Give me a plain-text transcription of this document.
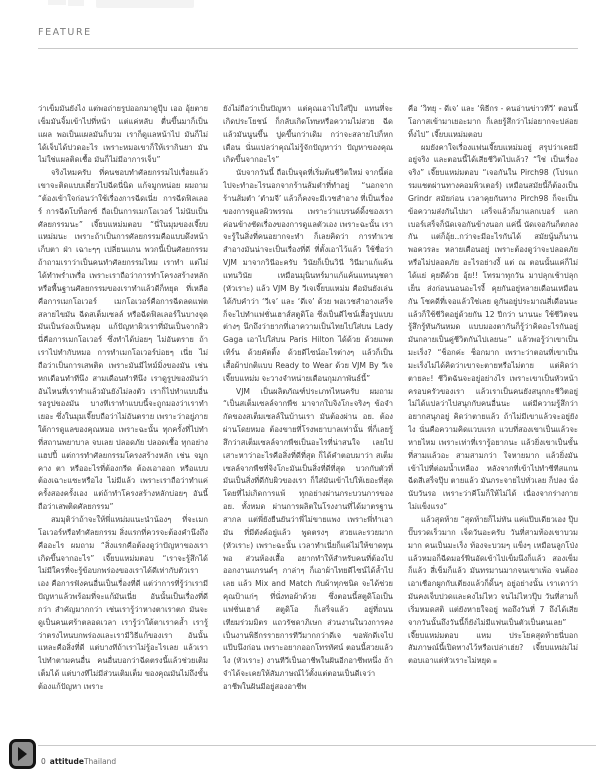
FEATURE

ว่าเข็มมันยังไง แต่พอถ่ายรูปออกมาดูปุ๊บ เออ อุ้ยตาย เข็มมันจิ้มเข้าไปที่หน้า แต่แค่หลับ ตื่นขึ้นมาก็เป็นแผล พอเป็นแผลมันก็บวม เราก็ดูแลหน้าไป มันก็ไม่ได้เจ็บได้ปวดอะไร เพราะหมอเขาก็ให้เรากินยา มันไม่ใช่แผลติดเชื้อ มันก็ไม่มีอาการเจ็บ”

จริงไหมครับ ที่คนชอบทำศัลยกรรมไปเรื่อยแล้วเขาจะติดแบบเดี๋ยวไปฉีดนี่นิด แก้จมูกหน่อย ผมถาม “ต้องเข้าใจก่อนว่าใช้เรื่องการฉีดเนี่ย การฉีดฟิลเลอร์ การฉีดโบท็อกซ์ ถือเป็นการเมกโอเวอร์ ไม่นับเป็นศัลยกรรมนะ” เจี๊ยบแหม่มตอบ “นี่ในมุมของเจี๊ยบแหม่มนะ เพราะถ้าเป็นการศัลยกรรมคือแบบดึงหน้า เก็บตา ฝ่า เฉาะๆๆ เปลี่ยนแกน พวกนี้เป็นศัลยกรรม ถ้าถามเราว่าเป็นคนทำศัลยกรรมไหม เราทำ แต่ไม่ได้ทำพร่ำเพรื่อ เพราะเราถือว่าการทำโครงสร้างหลักหรือพื้นฐานศัลยกรรมของเราทำแล้วดีก็หยุด ที่เหลือคือการเมกโอเวอร์ เมกโอเวอร์คือการฉีดลดแฟต สลายไขมัน ฉีดสเต็มเซลล์ หรือฉีดฟิลเลอร์ในบางจุด มันเป็นร่องเป็นหลุม แก้ปัญหาผิวเราที่มันเป็นจากสิว นี่คือการเมกโอเวอร์ ซึ่งทำได้บ่อยๆ ไม่อันตราย ถ้าเราไปทำกับหมอ การทำเมกโอเวอร์บ่อยๆ เนี่ย ไม่ถือว่าเป็นการเสพติด เพราะมันมีไทม์มิ่งของมัน เช่น หกเดือนทำทีนึง สามเดือนทำทีนึง เราดูรูปของมันว่าอันไหนที่เราทำแล้วมันยังไม่ลงตัว เราก็ไปทำแบบอื่น รอรูปของมัน บางทีเราทำแบบนี้จะถูกมองว่าเราทำเยอะ ซึ่งในมุมเจี๊ยบถือว่าไม่อันตราย เพราะว่าอยู่ภายใต้การดูแลของคุณหมอ เพราะฉะนั้น ทุกครั้งที่ไปทำที่สถานพยาบาล จบเลย ปลอดภัย ปลอดเชื้อ ทุกอย่างแฮปปี้ แต่การทำศัลยกรรมโครงสร้างหลัก เช่น จมูก คาง ตา หรืออะไรที่ต้องกรีด ต้องเอาออก หรือแบบต้องเฉาะแซะหรือไง ไม่มีแล้ว เพราะเราถือว่าทำแค่ครั้งสองครั้งเอง แต่ถ้าทำโครงสร้างหลักบ่อยๆ อันนี้ถือว่าเสพติดศัลยกรรม”

สมมุติว่าถ้าจะให้พี่แหม่มแนะนำน้องๆ ที่จะเมกโอเวอร์หรือทำศัลยกรรม สิ่งแรกที่ควรจะต้องคำนึงถึงคืออะไร ผมถาม “สิ่งแรกคือต้องดูว่าปัญหาของเราเกิดขึ้นจากอะไร” เจี๊ยบแหม่มตอบ “เราจะรู้สึกได้ ไม่มีใครที่จะรู้ข้อบกพร่องของเราได้ดีเท่ากับตัวเราเอง คือการฟังคนอื่นเป็นเรื่องที่ดี แต่ว่าการที่รู้ว่าเรามีปัญหาแล้วพร้อมที่จะแก้มันเนี่ย อันนั้นเป็นเรื่องที่ดีกว่า สำคัญมากกว่า เช่นเรารู้ว่าหางตาเราตก มันจะดูเป็นคนเศร้าตลอดเวลา เรารู้ว่าใต้ตาเราคล้ำ เรารู้ว่าตรงไหนบกพร่องและเรามีวิธีแก้ของเรา อันนั้นแหละคือสิ่งที่ดี แต่บางทีถ้าเราไม่รู้อะไรเลย แล้วเราไปทำตามคนอื่น คนอื่นบอกว่าฉีดตรงนี้แล้วช่วยเติมเต็มได้ แต่บางทีไม่มีส่วนเติมเต็ม ของคุณมันไม่ถึงขั้นต้องแก้ปัญหา เพราะ

ยังไม่ถือว่าเป็นปัญหา แต่คุณเอาไปใส่ปุ๊บ แทนที่จะเกิดประโยชน์ ก็กลับเกิดโทษหรือความไม่สวย ฉีดแล้วมันนูนขึ้น ปูดขึ้นกว่าเดิม กว่าจะสลายไปก็หกเดือน นั่นแปลว่าคุณไม่รู้จักปัญหาว่า ปัญหาของคุณเกิดขึ้นจากอะไร”

นับจากวันนี้ ถือเป็นจุดที่เริ่มต้นชีวิตใหม่ จากนี้ต่อไปจะทำอะไรนอกจากร้านส้มตำที่ทำอยู่ “นอกจากร้านส้มตำ ‘ตำมจี’ แล้วก็คงจะมีเวชสำอาง ที่เป็นเรื่องของการดูแลผิวพรรณ เพราะว่าแบรนด์ดิ้งของเราค่อนข้างชัดเรื่องของการดูแลตัวเอง เพราะฉะนั้น เราจะรู้ในสิ่งที่คนอยากจะทำ ก็เลยคิดว่า การทำเวชสำอางมันน่าจะเป็นเรื่องที่ดี ที่ตั้งเอาไว้แล้ว ใช้ชื่อว่า VJM มาจากวินีอะครับ วินัยก็เป็นวินี วินีมาแก้แค้นแทนวินัย เหมือนมุนินทร์มาแก้แค้นแทนนุชดา (หัวเราะ) แล้ว VJM By วีเจเจี๊ยบแหม่ม คือมันยังเล่นได้กับคำว่า ‘วีเจ’ และ ‘ดีเจ’ ด้วย พอเวชสำอางเสร็จก็จะไปทำแฟชั่นเฮาส์สตูดิโอ ซึ่งเป็นดีไซน์เสื้อรูปแบบต่างๆ นึกถึงว่ายากที่เอาความเป็นไทยไปใส่บน Lady Gaga เอาไปใส่บน Paris Hilton ได้ด้วย ด้วยแพตเทิร์น ด้วยคัตติ้ง ด้วยดีไซน์อะไรต่างๆ แล้วก็เป็นเสื้อผ้าปกติแบบ Ready to Wear ด้วย VJM By วีเจเจี๊ยบแหม่ม จะวางจำหน่ายเดือนกุมภาพันธ์นี้”

VJM เป็นผลิตภัณฑ์ประเภทไหนครับ ผมถาม “เป็นสเต็มเซลล์จากพืช มาจากใบจิงโกะจริงๆ ข้อจำกัดของสเต็มเซลล์ในบ้านเรา มันต้องผ่าน อย. ต้องผ่านโดยหมอ ต้องขายที่โรงพยาบาลเท่านั้น พี่ก็เลยรู้สึกว่าสเต็มเซลล์จากพืชเป็นอะไรที่น่าสนใจ เลยไปเสาะหาว่าอะไรคือสิ่งที่ดีที่สุด ก็ได้คำตอบมาว่า สเต็มเซลล์จากพืชที่จิงโกะมันเป็นสิ่งที่ดีที่สุด บวกกับตัวที่มันเป็นสิ่งที่ดีกับผิวของเรา ก็ใส่มันเข้าไปให้เยอะที่สุด โดยที่ไม่เกิดการแพ้ ทุกอย่างผ่านกระบวนการของ อย. ทั้งหมด ผ่านการผลิตในโรงงานที่ได้มาตรฐานสากล แต่พี่ยังยืนยันว่าพี่ไม่ขายแพง เพราะพี่ทำเอามัน ที่มีตังค์อยู่แล้ว พูดตรงๆ สวยและรวยมาก (หัวเราะ) เพราะฉะนั้น เวลาทำเนี่ยก็แค่ไม่ให้ขาดทุนพอ ส่วนห้องเสื้อ อยากทำให้สำหรับคนที่ต้องไปออกงานแกรนด์ๆ กาล่าๆ ก็เอาผ้าไทยดีไซน์ได้ล้ำไปเลย แล้ว Mix and Match กับผ้าทุกชนิด จะได้ช่วยคุณป้าแก่ๆ ที่นั่งทอผ้าด้วย ซึ่งตอนนี้สตูดิโอเป็นแฟชั่นเฮาส์ สตูดิโอ ก็เสร็จแล้ว อยู่ที่ถนนเทียมร่วมมิตร แถวรัชดาภิเษก ส่วนงานในวงการคงเป็นงานพิธีกรรายการทีวีมากกว่าดีเจ ขอพักดีเจไปแป๊บนึงก่อน เพราะอยากออกโทรทัศน์ ตอนนี้สวยแล้วไง (หัวเราะ) งานทีวีเป็นอาชีพในฝันอีกอาชีพหนึ่ง ถ้าจำได้จะเคยให้สัมภาษณ์ไว้ตั้งแต่ตอนเป็นดีเจว่า อาชีพในฝันมีอยู่สองอาชีพ

คือ ‘วิทยุ - ดีเจ’ และ ‘พิธีกร - คนอ่านข่าวทีวี’ ตอนนี้โอกาสเข้ามาเยอะมาก ก็เลยรู้สึกว่าไม่อยากจะปล่อยทิ้งไป” เจี๊ยบแหม่มตอบ

ผมยังคาใจเรื่องแฟนเจี๊ยบแหม่มอยู่ สรุปว่าเคยมีอยู่จริง และตอนนี้ได้เสียชีวิตไปแล้ว? “ใช่ เป็นเรื่องจริง” เจี๊ยบแหม่มตอบ “เจอกันใน Pirch98 (โปรแกรมแชตผ่านทางคอมพิวเตอร์) เหมือนสมัยนี้ก็ต้องเป็น Grindr สมัยก่อน เวลาคุยกันทาง Pirch98 ก็จะเป็นข้อความส่งกันไปมา เสร็จแล้วก็มาแลกเบอร์ แลกเบอร์เสร็จก็นัดเจอกันข้างนอก แค่นี้ นัดเจอกันก็ตกลงกัน แต่ก็อุ้ย..กว่าจะมีอะไรกันได้ สมัยนู้นก็นานพอควรละ หลายเดือนอยู่ เพราะต้องดูว่าจะปลอดภัยหรือไม่ปลอดภัย อะไรอย่างงี้ แต่ ณ ตอนนั้นแค่ก็ไม่ได้แย่ คุยดีด้วย อุ้ย!! โทรมาทุกวัน มาปลุกเช้าปลุกเย็น ส่งก่อนนอนอะไรงี้ คุยกันอยู่หลายเดือนเหมือนกัน โชคดีที่เจอแล้วใช่เลย ดูกันอยู่ประมาณสี่เดือนนะ แล้วก็ใช้ชีวิตอยู่ด้วยกัน 12 ปีกว่า นานนะ ใช้ชีวิตจนรู้สึกรู้ทันกันหมด แบบมองตากันก็รู้ว่าคิดอะไรกันอยู่ มันกลายเป็นคู่ชีวิตกันไปเลยนะ” แล้วพอรู้ว่าเขาเป็นมะเร็ง? “ช็อกค่ะ ช็อกมาก เพราะว่าตอนที่เขาเป็นมะเร็งไม่ได้คิดว่าเขาจะตายหรือไม่ตาย แต่คิดว่า ตายละ! ชีวิตฉันจะอยู่อย่างไร เพราะเขาเป็นหัวหน้าครอบครัวของเรา แล้วเราเป็นคนยังสนุกกะชีวิตอยู่ ไม่ได้แปลว่าไปสนุกกับคนอื่นนะ แต่มีความรู้สึกว่าอยากสนุกอยู่ คิดว่าตายแล้ว ถ้าไม่มีเขาแล้วจะอยู่ยังไง นั่นคือความคิดแวบแรก แวบที่สองเขาเป็นแล้วจะหายไหม เพราะเท่าที่เรารู้อยากนะ แล้วยิ่งเขาเป็นขั้นที่สามแล้วอะ สามสามกว่า ใจหายมาก แล้วยิ่งมันเข้าไปที่ต่อมน้ำเหลือง หลังจากที่เข้าไปทำซีทีสแกน ฉีดสีเสร็จปุ๊บ ตายแล้ว มันกระจายไปทั่วเลย ก็ปลง นั่งนับวันรอ เพราะว่าคีโมก็ให้ไม่ได้ เนื่องจากร่างกายไม่แข็งแรง”

แล้วสุดท้าย “สุดท้ายก็ไม่ทัน แค่แป๊บเดียวเอง ปุ๊บปั๊บรวดเร็วมาก เจ็ดวันอะครับ วันที่สามท้องเขาบวมมาก คนเป็นมะเร็ง ท้องจะบวมๆ แข็งๆ เหมือนลูกโป่ง แล้วหมอก็ฉีดมอร์ฟีนอัดเข้าไปเข็มนึงก็แล้ว สองเข็มก็แล้ว สี่เข็มก็แล้ว มันทรมานมากจนเขาเพ้อ จนต้องเอาเชือกผูกกับเตียงแล้วก็ดิ้นๆ อยู่อย่างนั้น เราเดาว่ามันคงเจ็บปวดและคงไม่ไหว จนไม่ไหวปุ๊บ วันที่สามก็เริ่มหมดสติ แต่ยังหายใจอยู่ พอถึงวันที่ 7 ถึงได้เสีย จากวันนั้นถึงวันนี้ก็ยังไม่มีแฟนเป็นตัวเป็นตนเลย” เจี๊ยบแหม่มตอบ แหม ประโยคสุดท้ายนี่บอกสัมภาษณ์นี้เปิดทางไว้หรือเปล่าเฮ่ย? เจี๊ยบแหม่มไม่ตอบเอาแต่หัวเราะไม่หยุด ▪

0 attitudeThailand
